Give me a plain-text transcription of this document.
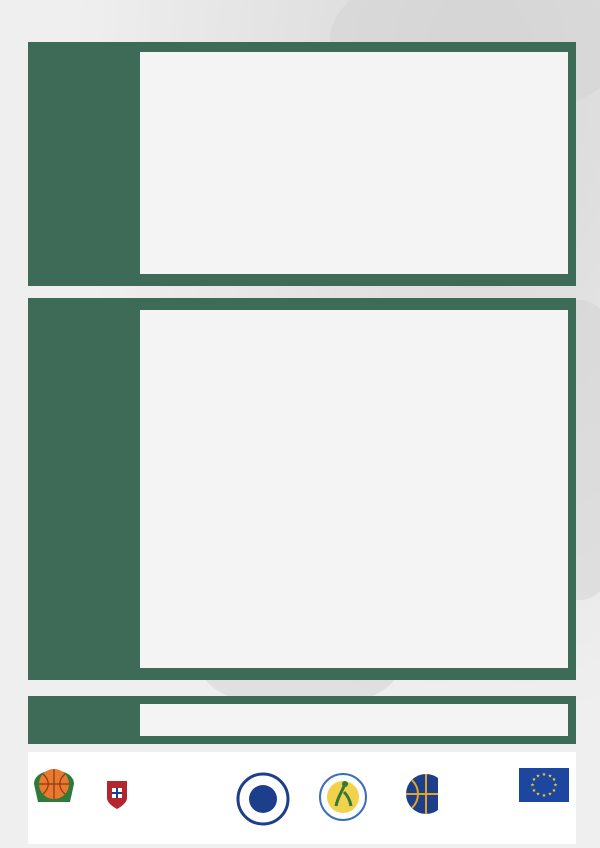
★ ★
★
★
★
★
★
★
★
★
★
★
